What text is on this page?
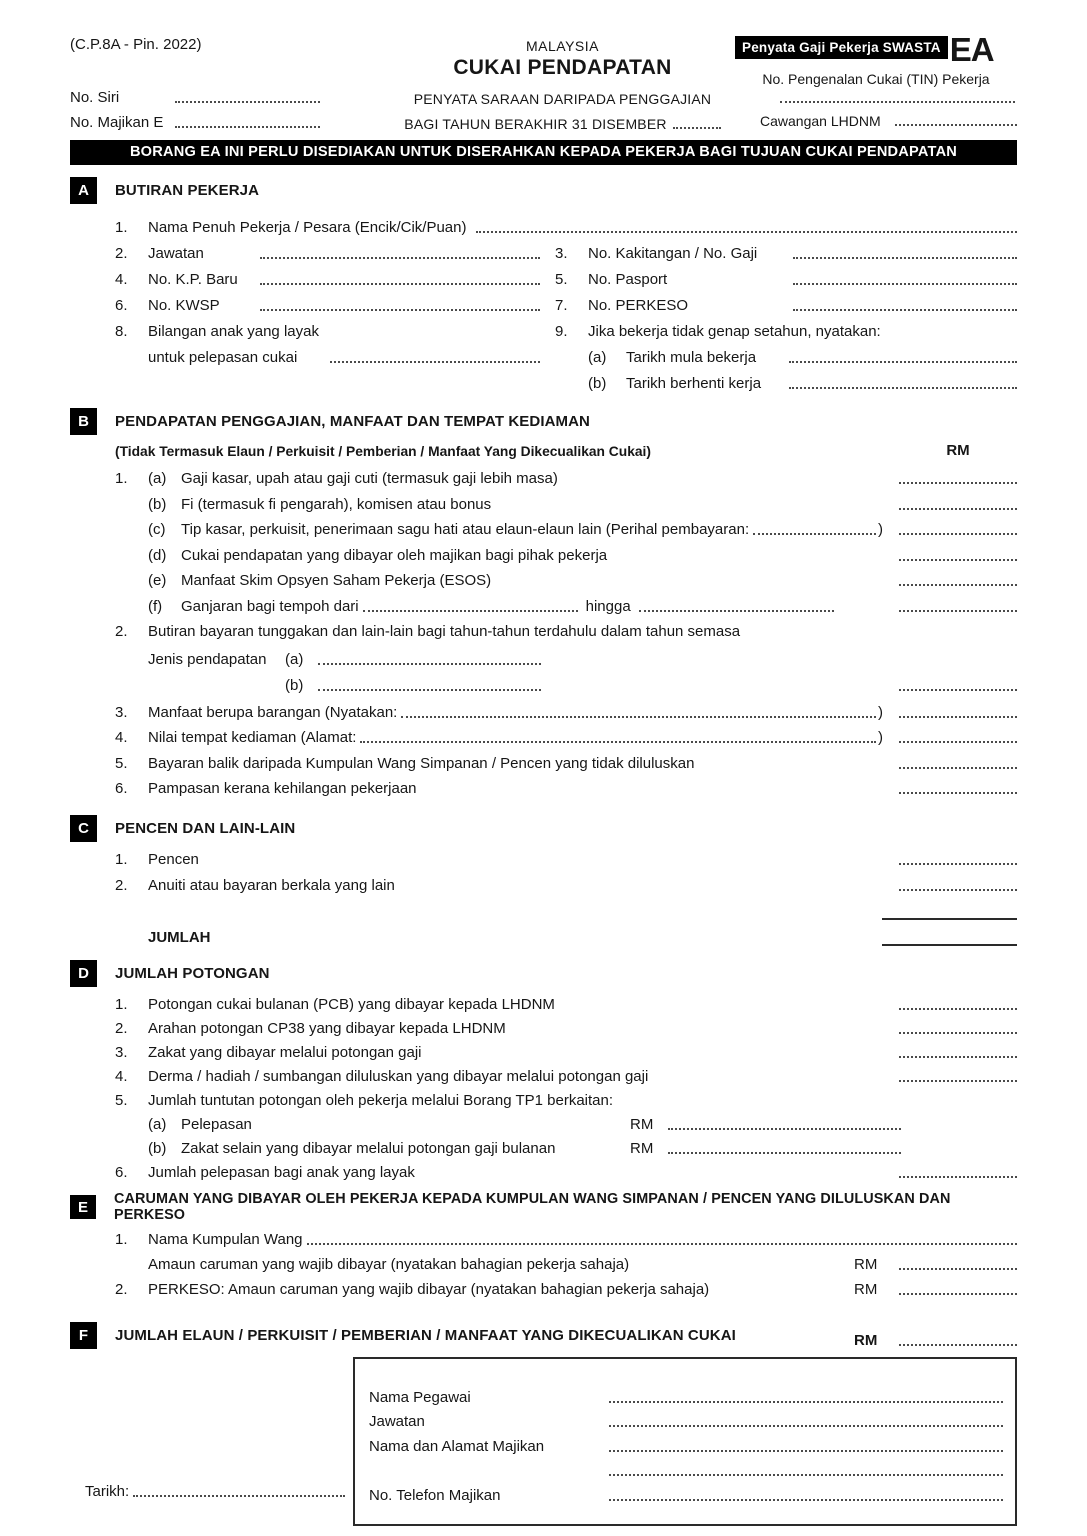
(C.P.8A - Pin. 2022)
No. Siri
No. Majikan E
MALAYSIA
CUKAI PENDAPATAN
PENYATA SARAAN DARIPADA PENGGAJIAN
BAGI TAHUN BERAKHIR 31 DISEMBER
Penyata Gaji Pekerja SWASTA EA
No. Pengenalan Cukai (TIN) Pekerja
Cawangan LHDNM
BORANG EA INI PERLU DISEDIAKAN UNTUK DISERAHKAN KEPADA PEKERJA BAGI TUJUAN CUKAI PENDAPATAN
A	BUTIRAN PEKERJA
1.	Nama Penuh Pekerja / Pesara (Encik/Cik/Puan)
2.	Jawatan
4.	No. K.P. Baru
6.	No. KWSP
8.	Bilangan anak yang layak
untuk pelepasan cukai
3.	No. Kakitangan / No. Gaji
5.	No. Pasport
7.	No. PERKESO
9.	Jika bekerja tidak genap setahun, nyatakan:
(a)	Tarikh mula bekerja
(b)	Tarikh berhenti kerja
B	PENDAPATAN PENGGAJIAN, MANFAAT DAN TEMPAT KEDIAMAN
(Tidak Termasuk Elaun / Perkuisit / Pemberian / Manfaat Yang Dikecualikan Cukai)	RM
1.	(a) Gaji kasar, upah atau gaji cuti (termasuk gaji lebih masa)
(b) Fi (termasuk fi pengarah), komisen atau bonus
(c)	Tip kasar, perkuisit, penerimaan sagu hati atau elaun-elaun lain (Perihal pembayaran:	)
(d) Cukai pendapatan yang dibayar oleh majikan bagi pihak pekerja
(e) Manfaat Skim Opsyen Saham Pekerja (ESOS)
(f)	Ganjaran bagi tempoh dari	hingga
2.	Butiran bayaran tunggakan dan lain-lain bagi tahun-tahun terdahulu dalam tahun semasa
Jenis pendapatan	(a)
(b)
3.	Manfaat berupa barangan (Nyatakan:	)
4.	Nilai tempat kediaman (Alamat:	)
5.	Bayaran balik daripada Kumpulan Wang Simpanan / Pencen yang tidak diluluskan
6.	Pampasan kerana kehilangan pekerjaan
C	PENCEN DAN LAIN-LAIN
1.	Pencen
2.	Anuiti atau bayaran berkala yang lain
JUMLAH
D	JUMLAH POTONGAN
1.	Potongan cukai bulanan (PCB) yang dibayar kepada LHDNM
2.	Arahan potongan CP38 yang dibayar kepada LHDNM
3.	Zakat yang dibayar melalui potongan gaji
4.	Derma / hadiah / sumbangan diluluskan yang dibayar melalui potongan gaji
5.	Jumlah tuntutan potongan oleh pekerja melalui Borang TP1 berkaitan:
(a) Pelepasan	RM
(b) Zakat selain yang dibayar melalui potongan gaji bulanan	RM
6.	Jumlah pelepasan bagi anak yang layak
E	CARUMAN YANG DIBAYAR OLEH PEKERJA KEPADA KUMPULAN WANG SIMPANAN / PENCEN YANG DILULUSKAN DAN PERKESO
1.	Nama Kumpulan Wang
Amaun caruman yang wajib dibayar (nyatakan bahagian pekerja sahaja)	RM
2.	PERKESO: Amaun caruman yang wajib dibayar (nyatakan bahagian pekerja sahaja)	RM
F	JUMLAH ELAUN / PERKUISIT / PEMBERIAN / MANFAAT YANG DIKECUALIKAN CUKAI	RM
Tarikh:
Nama Pegawai
Jawatan
Nama dan Alamat Majikan
No. Telefon Majikan
